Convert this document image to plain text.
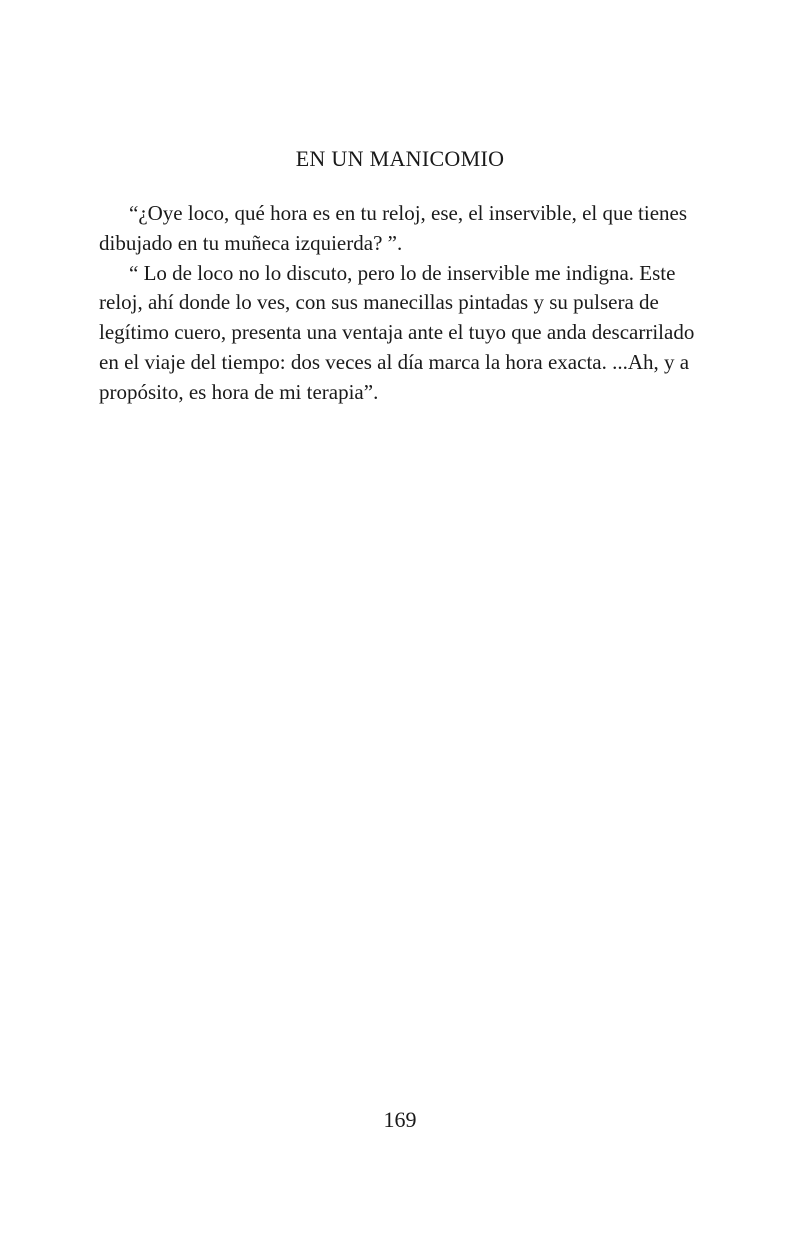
EN UN MANICOMIO

“¿Oye loco, qué hora es en tu reloj, ese, el inservible, el que tienes
dibujado en tu muñeca izquierda? ”.

“ Lo de loco no lo discuto, pero lo de inservible me indigna. Este
reloj, ahí donde lo ves, con sus manecillas pintadas y su pulsera de
legítimo cuero, presenta una ventaja ante el tuyo que anda descarrilado
en el viaje del tiempo: dos veces al día marca la hora exacta. ...Ah, y a
propósito, es hora de mi terapia”.

169
